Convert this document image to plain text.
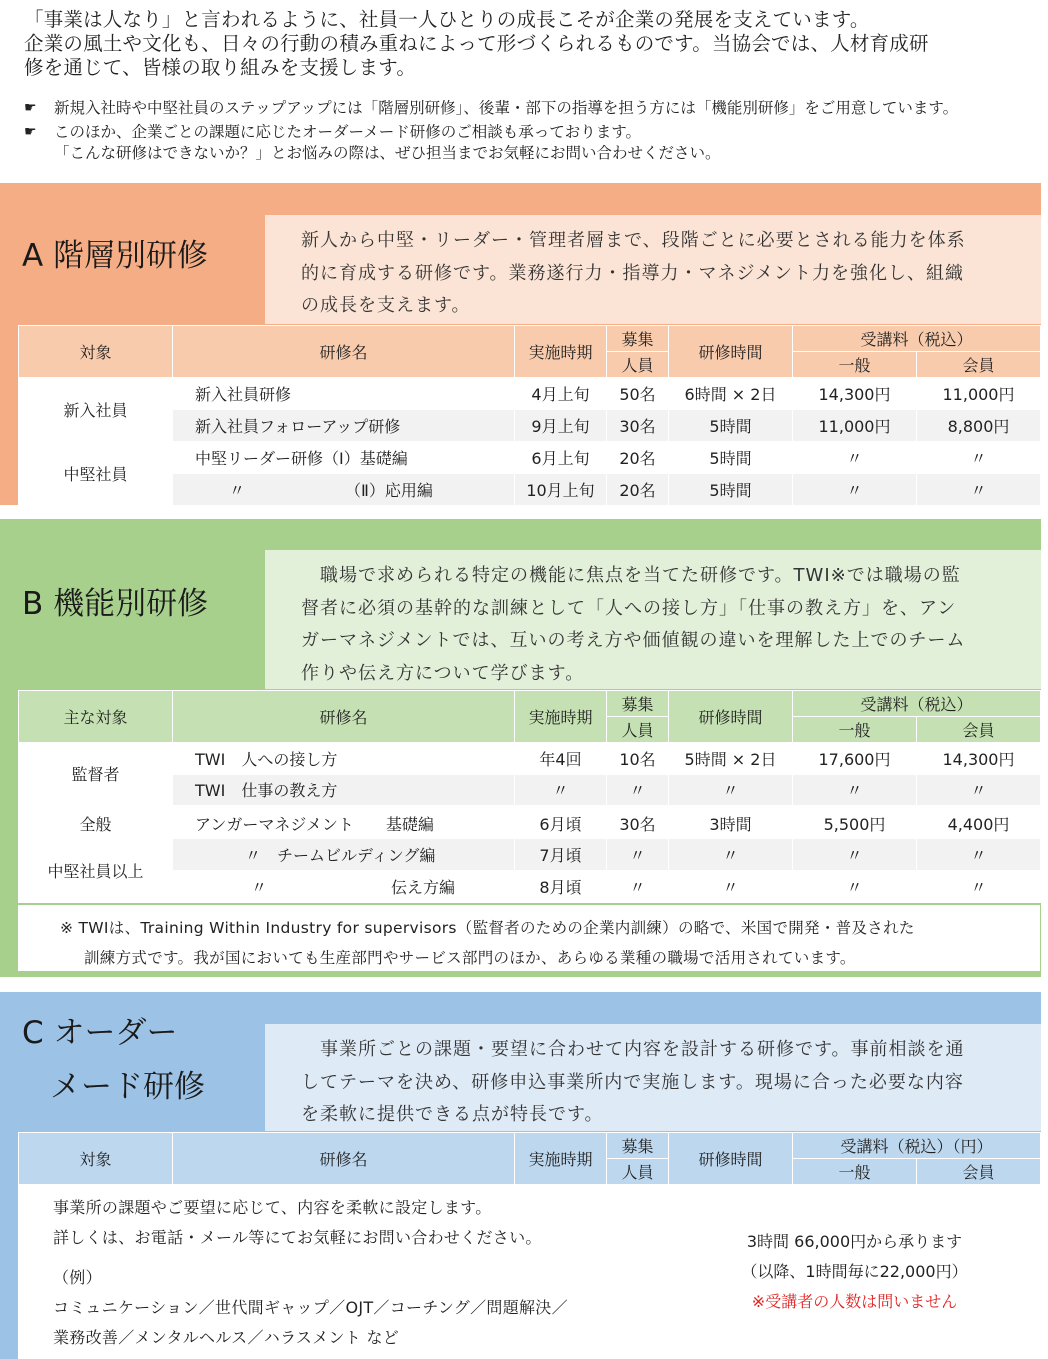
「事業は人なり」と言われるように、社員一人ひとりの成長こそが企業の発展を支えています。
企業の風土や文化も、日々の行動の積み重ねによって形づくられるものです。当協会では、人材育成研
修を通じて、皆様の取り組みを支援します。
☛	新規入社時や中堅社員のステップアップには「階層別研修」、後輩・部下の指導を担う方には「機能別研修」をご用意しています。
☛	このほか、企業ごとの課題に応じたオーダーメード研修のご相談も承っております。
「こんな研修はできないか？」とお悩みの際は、ぜひ担当までお気軽にお問い合わせください。
A 階層別研修	新人から中堅・リーダー・管理者層まで、段階ごとに必要とされる能力を体系
的に育成する研修です。業務遂行力・指導力・マネジメント力を強化し、組織
の成長を支えます。
対象	研修名	実施時期	募集	研修時間	受講料（税込）	
			人員		一般	会員
新入社員	新入社員研修	4月上旬	50名	6時間 × 2日	14,300円	11,000円
	新入社員フォローアップ研修	9月上旬	30名	5時間	11,000円	8,800円
中堅社員	中堅リーダー研修（Ⅰ）基礎編	6月上旬	20名	5時間	〃	〃
	〃 （Ⅱ）応用編	10月上旬	20名	5時間	〃	〃
B 機能別研修
　職場で求められる特定の機能に焦点を当てた研修です。TWI※では職場の監
督者に必須の基幹的な訓練として「人への接し方」「仕事の教え方」を、アン
ガーマネジメントでは、互いの考え方や価値観の違いを理解した上でのチーム
作りや伝え方について学びます。
主な対象	研修名	実施時期	募集	研修時間	受講料（税込）	
			人員		一般	会員
監督者	TWI　人への接し方	年4回	10名	5時間 × 2日	17,600円	14,300円
	TWI　仕事の教え方	〃	〃	〃	〃	〃
全般	アンガーマネジメント　　基礎編	6月頃	30名	3時間	5,500円	4,400円
中堅社員以上	　〃　チームビルディング編	7月頃	〃	〃	〃	〃
	〃 伝え方編	8月頃	〃	〃	〃	〃
※ TWIは、Training Within Industry for supervisors（監督者のための企業内訓練）の略で、米国で開発・普及された
訓練方式です。我が国においても生産部門やサービス部門のほか、あらゆる業種の職場で活用されています。
C オーダー
メード研修
　事業所ごとの課題・要望に合わせて内容を設計する研修です。事前相談を通
してテーマを決め、研修申込事業所内で実施します。現場に合った必要な内容
を柔軟に提供できる点が特長です。
対象	研修名	実施時期	募集	研修時間	受講料（税込）（円）	
			人員		一般	会員

事業所の課題やご要望に応じて、内容を柔軟に設定します。
詳しくは、お電話・メール等にてお気軽にお問い合わせください。
（例）
コミュニケーション／世代間ギャップ／OJT／コーチング／問題解決／
業務改善／メンタルヘルス／ハラスメント など				3時間 66,000円から承ります
（以降、1時間毎に22,000円）
※受講者の人数は問いません		
